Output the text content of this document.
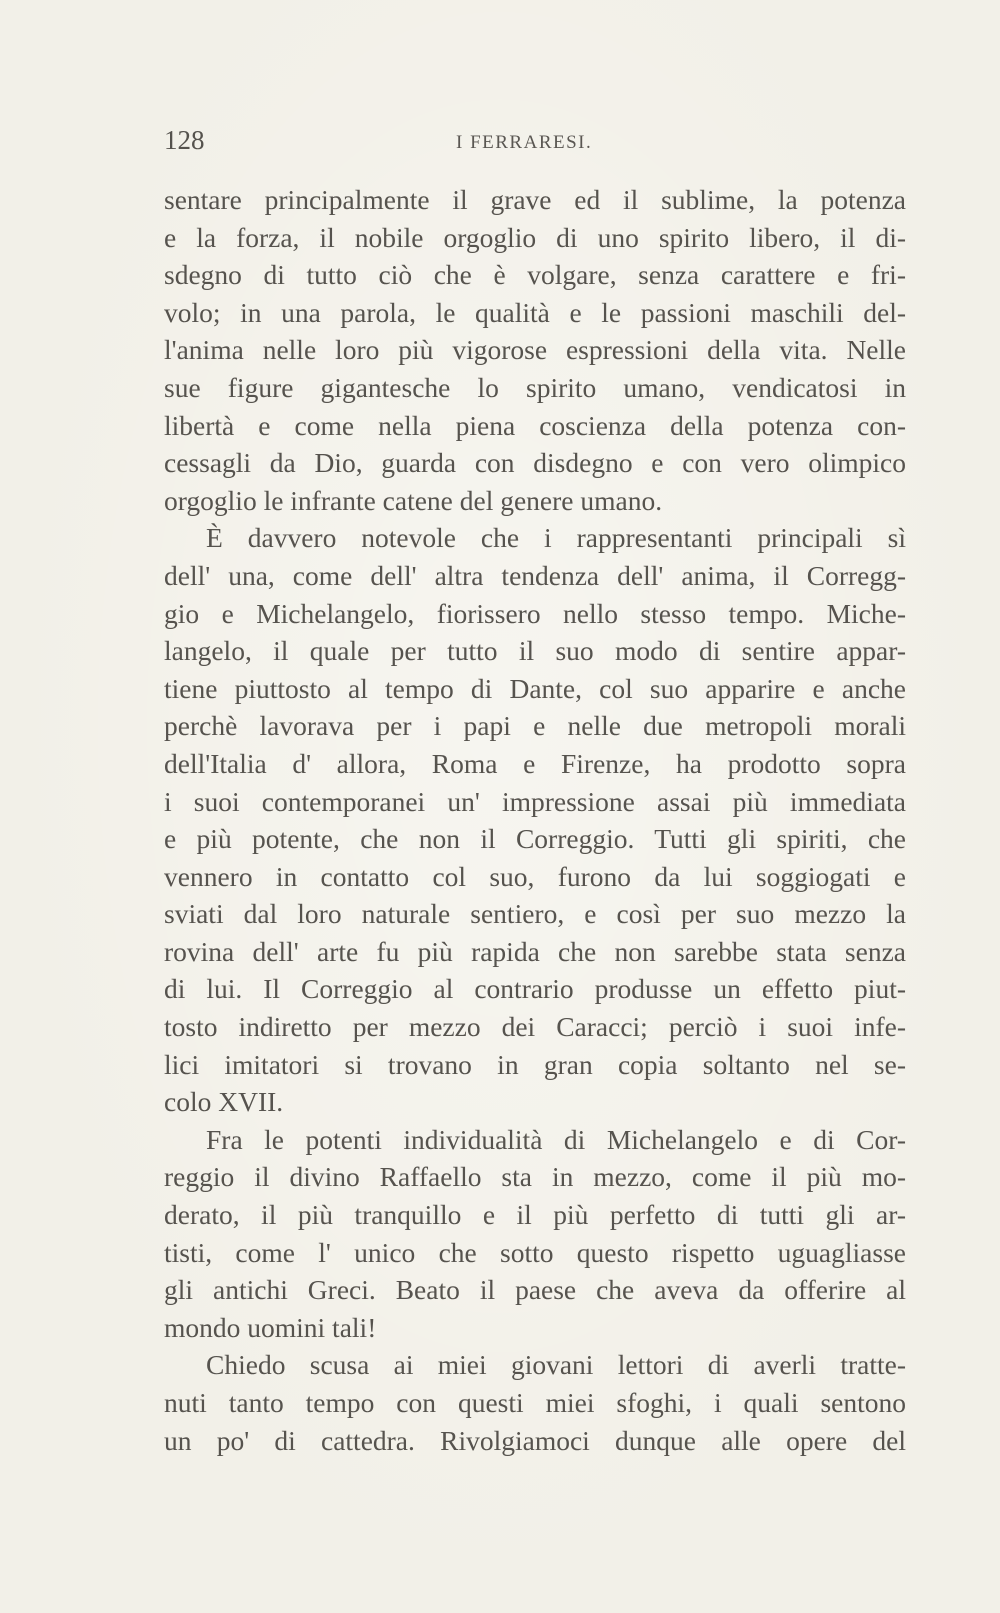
128	I FERRARESI.
sentare principalmente il grave ed il sublime, la potenza
e la forza, il nobile orgoglio di uno spirito libero, il di-
sdegno di tutto ciò che è volgare, senza carattere e fri-
volo; in una parola, le qualità e le passioni maschili del-
l'anima nelle loro più vigorose espressioni della vita. Nelle
sue figure gigantesche lo spirito umano, vendicatosi in
libertà e come nella piena coscienza della potenza con-
cessagli da Dio, guarda con disdegno e con vero olimpico
orgoglio le infrante catene del genere umano.
È davvero notevole che i rappresentanti principali sì
dell' una, come dell' altra tendenza dell' anima, il Corregg-
gio e Michelangelo, fiorissero nello stesso tempo. Miche-
langelo, il quale per tutto il suo modo di sentire appar-
tiene piuttosto al tempo di Dante, col suo apparire e anche
perchè lavorava per i papi e nelle due metropoli morali
dell'Italia d' allora, Roma e Firenze, ha prodotto sopra
i suoi contemporanei un' impressione assai più immediata
e più potente, che non il Correggio. Tutti gli spiriti, che
vennero in contatto col suo, furono da lui soggiogati e
sviati dal loro naturale sentiero, e così per suo mezzo la
rovina dell' arte fu più rapida che non sarebbe stata senza
di lui. Il Correggio al contrario produsse un effetto piut-
tosto indiretto per mezzo dei Caracci; perciò i suoi infe-
lici imitatori si trovano in gran copia soltanto nel se-
colo XVII.
Fra le potenti individualità di Michelangelo e di Cor-
reggio il divino Raffaello sta in mezzo, come il più mo-
derato, il più tranquillo e il più perfetto di tutti gli ar-
tisti, come l' unico che sotto questo rispetto uguagliasse
gli antichi Greci. Beato il paese che aveva da offerire al
mondo uomini tali!
Chiedo scusa ai miei giovani lettori di averli tratte-
nuti tanto tempo con questi miei sfoghi, i quali sentono
un po' di cattedra. Rivolgiamoci dunque alle opere del
